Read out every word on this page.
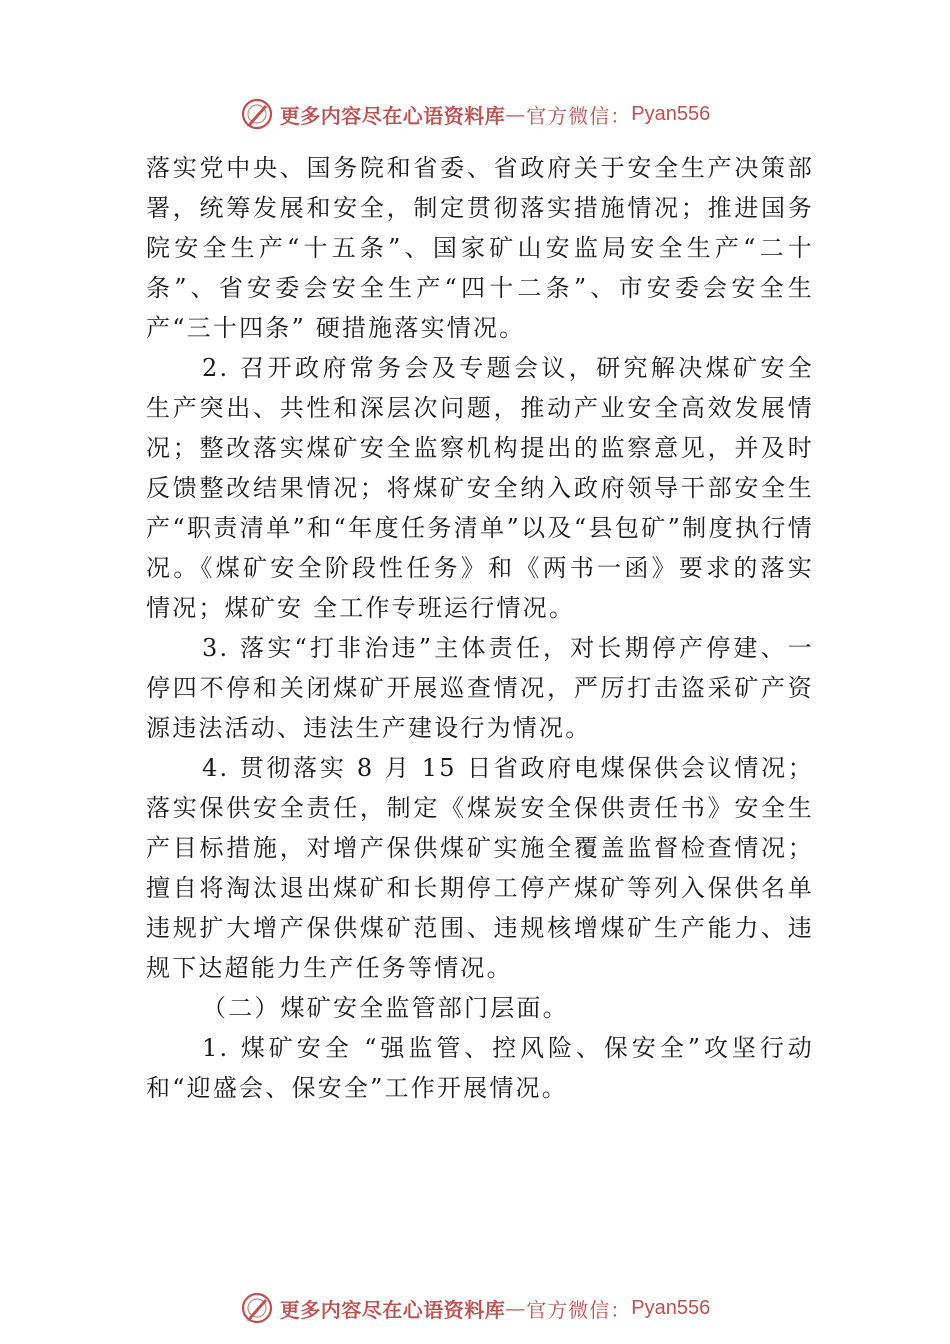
更多内容尽在心语资料库 — 官方微信： Pyan556

落实党中央、国务院和省委、省政府关于安全生产决策部署，统筹发展和安全，制定贯彻落实措施情况；推进国务院安全生产“十五条”、国家矿山安监局安全生产“二十条”、省安委会安全生产“四十二条”、市安委会安全生产“三十四条” 硬措施落实情况。

2. 召开政府常务会及专题会议，研究解决煤矿安全生产突出、共性和深层次问题，推动产业安全高效发展情况；整改落实煤矿安全监察机构提出的监察意见，并及时反馈整改结果情况；将煤矿安全纳入政府领导干部安全生产“职责清单”和“年度任务清单”以及“县包矿”制度执行情况。《煤矿安全阶段性任务》和《两书一函》要求的落实情况；煤矿安 全工作专班运行情况。

3. 落实“打非治违”主体责任，对长期停产停建、一停四不停和关闭煤矿开展巡查情况，严厉打击盗采矿产资源违法活动、违法生产建设行为情况。

4. 贯彻落实 8 月 15 日省政府电煤保供会议情况；落实保供安全责任，制定《煤炭安全保供责任书》安全生产目标措施，对增产保供煤矿实施全覆盖监督检查情况；擅自将淘汰退出煤矿和长期停工停产煤矿等列入保供名单违规扩大增产保供煤矿范围、违规核增煤矿生产能力、违规下达超能力生产任务等情况。

（二）煤矿安全监管部门层面。

1. 煤矿安全 “强监管、控风险、保安全”攻坚行动和“迎盛会、保安全”工作开展情况。

更多内容尽在心语资料库 — 官方微信： Pyan556
